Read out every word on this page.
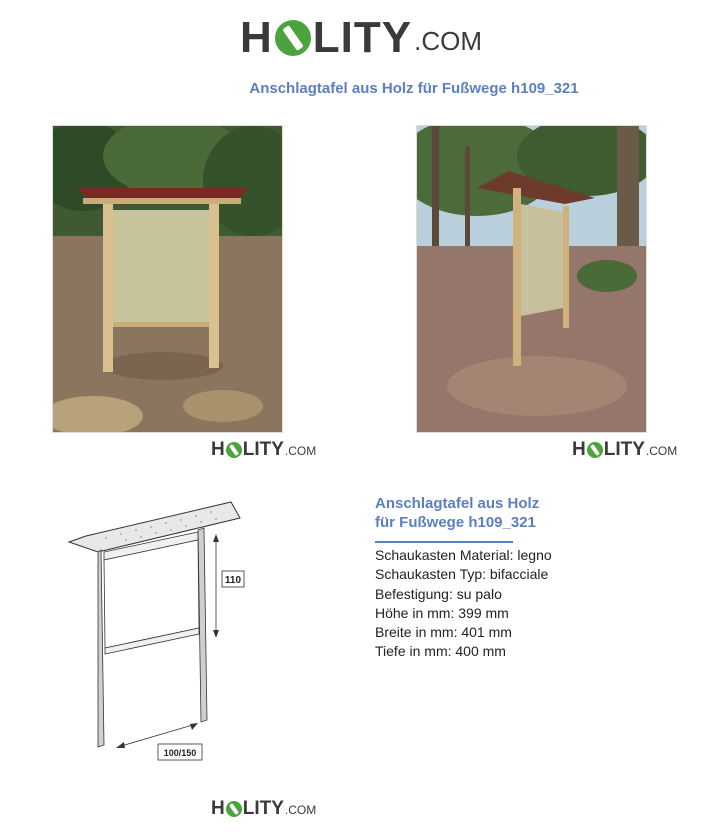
H LITY .COM
Anschlagtafel aus Holz für Fußwege h109_321
H LITY .COM	H LITY .COM
110
100/150
Anschlagtafel aus Holz
für Fußwege h109_321
Schaukasten Material: legno
Schaukasten Typ: bifacciale
Befestigung: su palo
Höhe in mm: 399 mm
Breite in mm: 401 mm
Tiefe in mm: 400 mm
H LITY .COM
